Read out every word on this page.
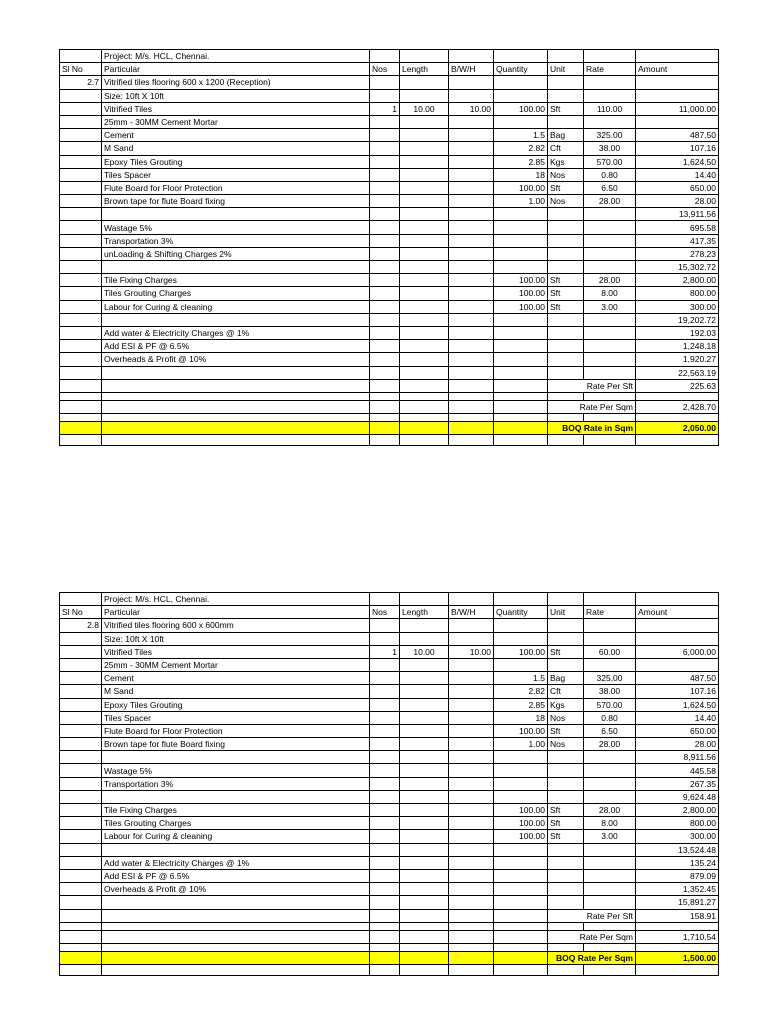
	Project: M/s. HCL, Chennai.							
Sl No	Particular	Nos	Length	B/W/H	Quantity	Unit	Rate	Amount
2.7	Vitrified tiles flooring 600 x 1200 (Reception)							
	Size: 10ft X 10ft							
	Vitrified Tiles	1	10.00	10.00	100.00	Sft	110.00	11,000.00
	25mm - 30MM Cement Mortar							
	Cement				1.5	Bag	325.00	487.50
	M Sand				2.82	Cft	38.00	107.16
	Epoxy Tiles Grouting				2.85	Kgs	570.00	1,624.50
	Tiles Spacer				18	Nos	0.80	14.40
	Flute Board for Floor Protection				100.00	Sft	6.50	650.00
	Brown tape for flute Board fixing				1.00	Nos	28.00	28.00
								13,911.56
	Wastage 5%							695.58
	Transportation 3%							417.35
	unLoading & Shifting Charges 2%							278.23
								15,302.72
	Tile Fixing Charges				100.00	Sft	28.00	2,800.00
	Tiles Grouting Charges				100.00	Sft	8.00	800.00
	Labour for Curing & cleaning				100.00	Sft	3.00	300.00
								19,202.72
	Add water & Electricity Charges @ 1%							192.03
	Add ESI & PF @ 6.5%							1,248.18
	Overheads & Profit @ 10%							1,920.27
								22,563.19
						Rate Per Sft		225.63

						Rate Per Sqm		2,428.70

						BOQ Rate in Sqm		2,050.00

	Project: M/s. HCL, Chennai.							
Sl No	Particular	Nos	Length	B/W/H	Quantity	Unit	Rate	Amount
2.8	Vitrified tiles flooring 600 x 600mm							
	Size: 10ft X 10ft							
	Vitrified Tiles	1	10.00	10.00	100.00	Sft	60.00	6,000.00
	25mm - 30MM Cement Mortar							
	Cement				1.5	Bag	325.00	487.50
	M Sand				2.82	Cft	38.00	107.16
	Epoxy Tiles Grouting				2.85	Kgs	570.00	1,624.50
	Tiles Spacer				18	Nos	0.80	14.40
	Flute Board for Floor Protection				100.00	Sft	6.50	650.00
	Brown tape for flute Board fixing				1.00	Nos	28.00	28.00
								8,911.56
	Wastage 5%							445.58
	Transportation 3%							267.35
								9,624.48
	Tile Fixing Charges				100.00	Sft	28.00	2,800.00
	Tiles Grouting Charges				100.00	Sft	8.00	800.00
	Labour for Curing & cleaning				100.00	Sft	3.00	300.00
								13,524.48
	Add water & Electricity Charges @ 1%							135.24
	Add ESI & PF @ 6.5%							879.09
	Overheads & Profit @ 10%							1,352.45
								15,891.27
						Rate Per Sft		158.91

						Rate Per Sqm		1,710.54

						BOQ Rate Per Sqm		1,500.00
